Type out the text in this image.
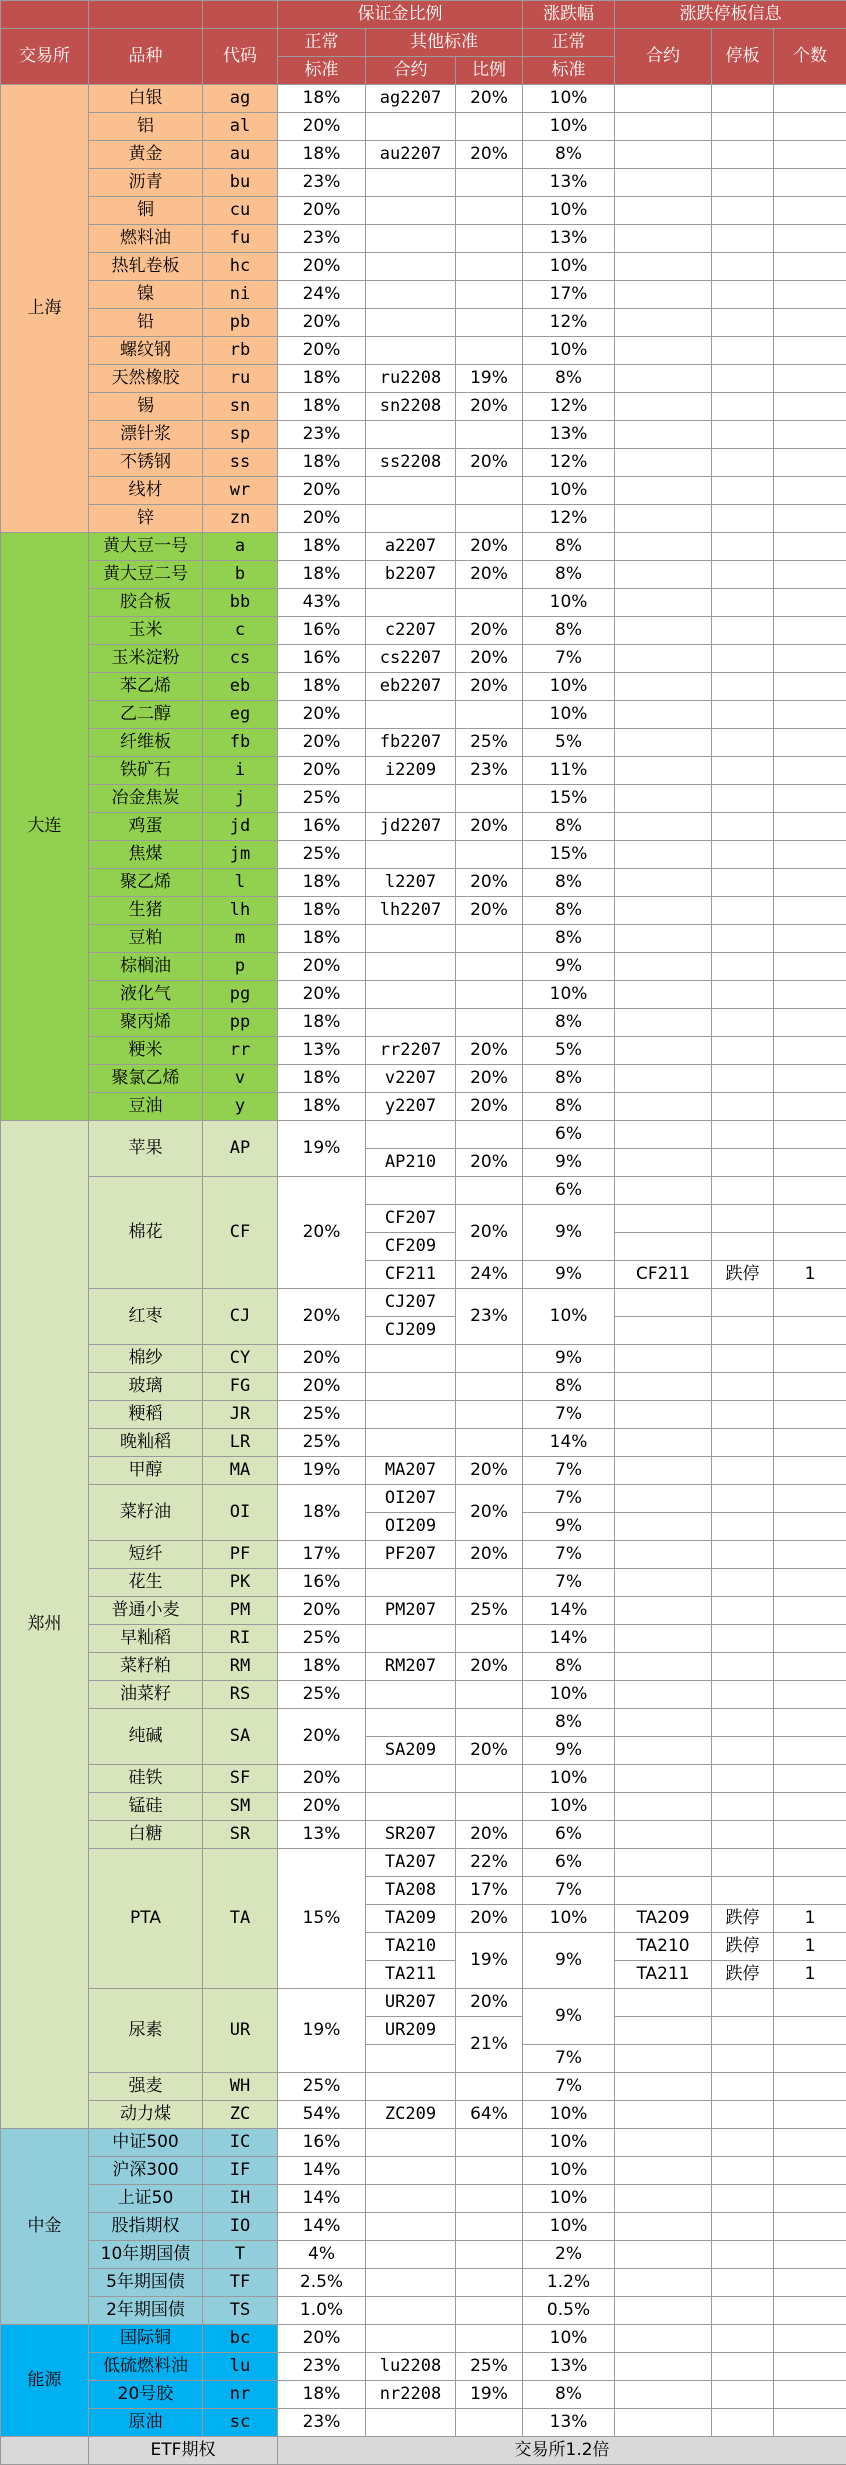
			保证金比例			涨跌幅	涨跌停板信息		
交易所	品种	代码	正常	其他标准		正常	合约	停板	个数
			标准	合约	比例	标准			
上海	白银	ag	18%	ag2207	20%	10%			
	铝	al	20%			10%			
	黄金	au	18%	au2207	20%	8%			
	沥青	bu	23%			13%			
	铜	cu	20%			10%			
	燃料油	fu	23%			13%			
	热轧卷板	hc	20%			10%			
	镍	ni	24%			17%			
	铅	pb	20%			12%			
	螺纹钢	rb	20%			10%			
	天然橡胶	ru	18%	ru2208	19%	8%			
	锡	sn	18%	sn2208	20%	12%			
	漂针浆	sp	23%			13%			
	不锈钢	ss	18%	ss2208	20%	12%			
	线材	wr	20%			10%			
	锌	zn	20%			12%			
大连	黄大豆一号	a	18%	a2207	20%	8%			
	黄大豆二号	b	18%	b2207	20%	8%			
	胶合板	bb	43%			10%			
	玉米	c	16%	c2207	20%	8%			
	玉米淀粉	cs	16%	cs2207	20%	7%			
	苯乙烯	eb	18%	eb2207	20%	10%			
	乙二醇	eg	20%			10%			
	纤维板	fb	20%	fb2207	25%	5%			
	铁矿石	i	20%	i2209	23%	11%			
	冶金焦炭	j	25%			15%			
	鸡蛋	jd	16%	jd2207	20%	8%			
	焦煤	jm	25%			15%			
	聚乙烯	l	18%	l2207	20%	8%			
	生猪	lh	18%	lh2207	20%	8%			
	豆粕	m	18%			8%			
	棕榈油	p	20%			9%			
	液化气	pg	20%			10%			
	聚丙烯	pp	18%			8%			
	粳米	rr	13%	rr2207	20%	5%			
	聚氯乙烯	v	18%	v2207	20%	8%			
	豆油	y	18%	y2207	20%	8%			
郑州	苹果	AP	19%			6%			
				AP210	20%	9%			
	棉花	CF	20%			6%			
				CF207	20%	9%			
				CF209					
				CF211	24%	9%	CF211	跌停	1
	红枣	CJ	20%	CJ207	23%	10%			
				CJ209					
	棉纱	CY	20%			9%			
	玻璃	FG	20%			8%			
	粳稻	JR	25%			7%			
	晚籼稻	LR	25%			14%			
	甲醇	MA	19%	MA207	20%	7%			
	菜籽油	OI	18%	OI207	20%	7%			
				OI209		9%			
	短纤	PF	17%	PF207	20%	7%			
	花生	PK	16%			7%			
	普通小麦	PM	20%	PM207	25%	14%			
	早籼稻	RI	25%			14%			
	菜籽粕	RM	18%	RM207	20%	8%			
	油菜籽	RS	25%			10%			
	纯碱	SA	20%			8%			
				SA209	20%	9%			
	硅铁	SF	20%			10%			
	锰硅	SM	20%			10%			
	白糖	SR	13%	SR207	20%	6%			
	PTA	TA	15%	TA207	22%	6%			
				TA208	17%	7%			
				TA209	20%	10%	TA209	跌停	1
				TA210	19%	9%	TA210	跌停	1
				TA211			TA211	跌停	1
	尿素	UR	19%	UR207	20%	9%			
				UR209	21%				
						7%			
	强麦	WH	25%			7%			
	动力煤	ZC	54%	ZC209	64%	10%			
中金	中证500	IC	16%			10%			
	沪深300	IF	14%			10%			
	上证50	IH	14%			10%			
	股指期权	IO	14%			10%			
	10年期国债	T	4%			2%			
	5年期国债	TF	2.5%			1.2%			
	2年期国债	TS	1.0%			0.5%			
能源	国际铜	bc	20%			10%			
	低硫燃料油	lu	23%	lu2208	25%	13%			
	20号胶	nr	18%	nr2208	19%	8%			
	原油	sc	23%			13%			
	ETF期权		交易所1.2倍						
